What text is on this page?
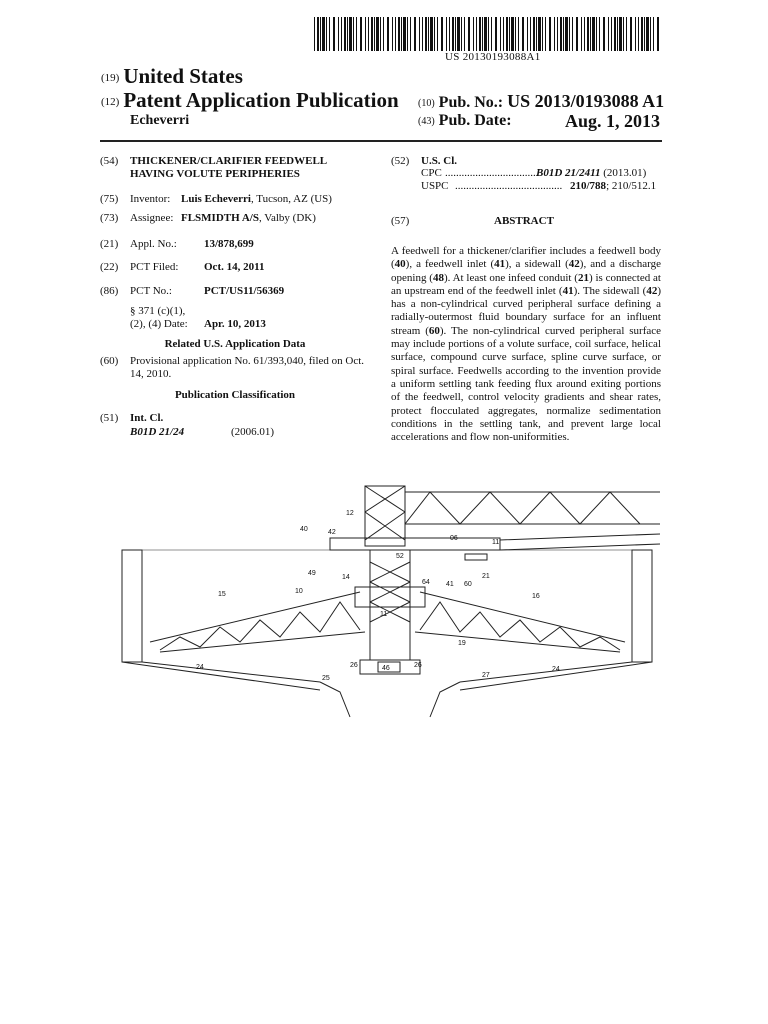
US 20130193088A1
(19) United States
(12) Patent Application Publication
Echeverri
(10) Pub. No.: US 2013/0193088 A1
(43) Pub. Date:	Aug. 1, 2013
(54) THICKENER/CLARIFIER FEEDWELL
HAVING VOLUTE PERIPHERIES
(75) Inventor: Luis Echeverri, Tucson, AZ (US)
(73) Assignee: FLSMIDTH A/S, Valby (DK)
(21) Appl. No.: 13/878,699
(22) PCT Filed: Oct. 14, 2011
(86) PCT No.:	PCT/US11/56369
§ 371 (c)(1),
(2), (4) Date: Apr. 10, 2013
Related U.S. Application Data
(60) Provisional application No. 61/393,040, filed on Oct.
14, 2010.
Publication Classification
(51) Int. Cl.
B01D 21/24	(2006.01)
(52) U.S. Cl.
CPC ..................................
B01D 21/2411 (2013.01)
USPC ....................................... 210/788; 210/512.1
(57)	ABSTRACT
A feedwell for a thickener/clarifier includes a feedwell body (40), a feedwell inlet (41), a sidewall (42), and a discharge opening (48). At least one infeed conduit (21) is connected at an upstream end of the feedwell inlet (41). The sidewall (42) has a non-cylindrical curved peripheral surface defining a radially-outermost fluid boundary surface for an influent stream (60). The non-cylindrical curved peripheral surface may include portions of a volute surface, coil surface, helical surface, compound curve surface, spline curve surface, or spiral surface. Feedwells according to the invention provide a uniform settling tank feeding flux around exiting portions of the feedwell, control velocity gradients and shear rates, protect flocculated aggregates, normalize sedimentation conditions in the settling tank, and prevent large local accelerations and flow non-uniformities.
12
40	42
06
11
52
49
14
64 41 60
21
15	10
16
11
19
24	26	46	26
25	27
24
